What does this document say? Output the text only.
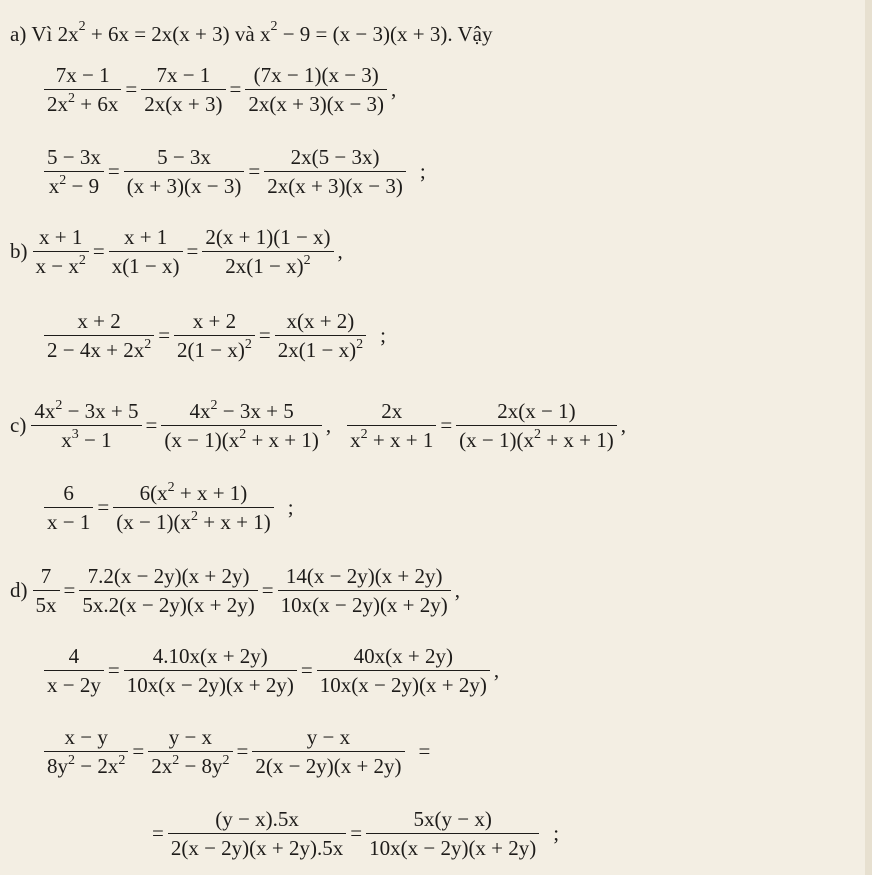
a) Vì $2x^2 + 6x = 2x(x + 3)$ và $x^2 - 9 = (x - 3)(x + 3)$. Vậy
$\frac{7x - 1}{2x^2 + 6x} = \frac{7x - 1}{2x(x + 3)} = \frac{(7x - 1)(x - 3)}{2x(x + 3)(x - 3)}$ ,
$\frac{5 - 3x}{x^2 - 9} = \frac{5 - 3x}{(x + 3)(x - 3)} = \frac{2x(5 - 3x)}{2x(x + 3)(x - 3)}$ ;
$b) \frac{x + 1}{x - x^2} = \frac{x + 1}{x(1 - x)} = \frac{2(x + 1)(1 - x)}{2x(1 - x)^2}$ ,
$\frac{x + 2}{2 - 4x + 2x^2} = \frac{x + 2}{2(1 - x)^2} = \frac{x(x + 2)}{2x(1 - x)^2}$ ;
$c) \frac{4x^2 - 3x + 5}{x^3 - 1} = \frac{4x^2 - 3x + 5}{(x - 1)(x^2 + x + 1)}$ , $\frac{2x}{x^2 + x + 1} = \frac{2x(x - 1)}{(x - 1)(x^2 + x + 1)}$ ,
$\frac{6}{x - 1} = \frac{6(x^2 + x + 1)}{(x - 1)(x^2 + x + 1)}$ ;
$d) \frac{7}{5x} = \frac{7.2(x - 2y)(x + 2y)}{5x.2(x - 2y)(x + 2y)} = \frac{14(x - 2y)(x + 2y)}{10x(x - 2y)(x + 2y)}$ ,
$\frac{4}{x - 2y} = \frac{4.10x(x + 2y)}{10x(x - 2y)(x + 2y)} = \frac{40x(x + 2y)}{10x(x - 2y)(x + 2y)}$ ,
$\frac{x - y}{8y^2 - 2x^2} = \frac{y - x}{2x^2 - 8y^2} = \frac{y - x}{2(x - 2y)(x + 2y)}$ =
= $\frac{(y - x).5x}{2(x - 2y)(x + 2y).5x} = \frac{5x(y - x)}{10x(x - 2y)(x + 2y)}$ ;
